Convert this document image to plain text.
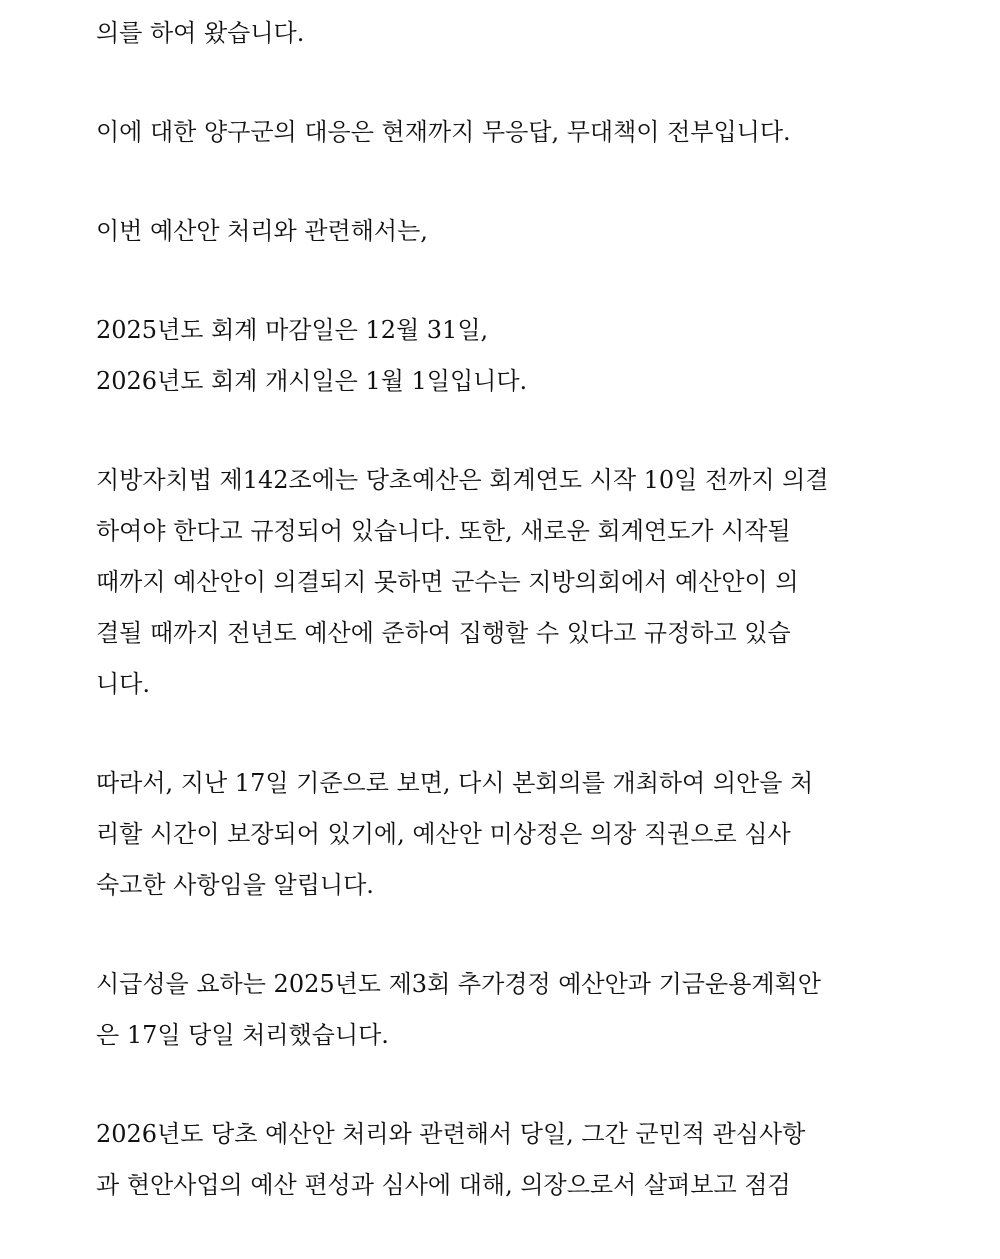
의를 하여 왔습니다.
이에 대한 양구군의 대응은 현재까지 무응답, 무대책이 전부입니다.
이번 예산안 처리와 관련해서는,
2025년도 회계 마감일은 12월 31일,
2026년도 회계 개시일은 1월 1일입니다.
지방자치법 제142조에는 당초예산은 회계연도 시작 10일 전까지 의결
하여야 한다고 규정되어 있습니다. 또한, 새로운 회계연도가 시작될
때까지 예산안이 의결되지 못하면 군수는 지방의회에서 예산안이 의
결될 때까지 전년도 예산에 준하여 집행할 수 있다고 규정하고 있습
니다.
따라서, 지난 17일 기준으로 보면, 다시 본회의를 개최하여 의안을 처
리할 시간이 보장되어 있기에, 예산안 미상정은 의장 직권으로 심사
숙고한 사항임을 알립니다.
시급성을 요하는 2025년도 제3회 추가경정 예산안과 기금운용계획안
은 17일 당일 처리했습니다.
2026년도 당초 예산안 처리와 관련해서 당일, 그간 군민적 관심사항
과 현안사업의 예산 편성과 심사에 대해, 의장으로서 살펴보고 점검
